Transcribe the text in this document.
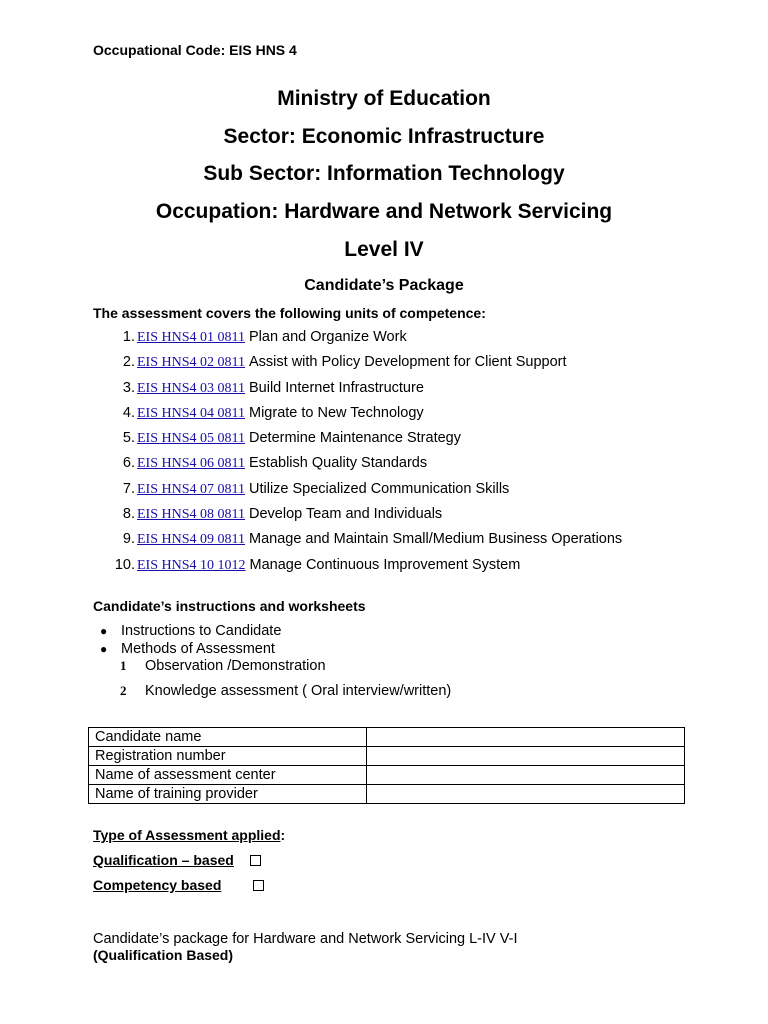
Occupational Code: EIS HNS 4
Ministry of Education
Sector: Economic Infrastructure
Sub Sector: Information Technology
Occupation: Hardware and Network Servicing
Level IV
Candidate’s Package
The assessment covers the following units of competence:
1. EIS HNS4 01 0811 Plan and Organize Work
2. EIS HNS4 02 0811 Assist with Policy Development for Client Support
3. EIS HNS4 03 0811 Build Internet Infrastructure
4. EIS HNS4 04 0811 Migrate to New Technology
5. EIS HNS4 05 0811 Determine Maintenance Strategy
6. EIS HNS4 06 0811 Establish Quality Standards
7. EIS HNS4 07 0811 Utilize Specialized Communication Skills
8. EIS HNS4 08 0811 Develop Team and Individuals
9. EIS HNS4 09 0811 Manage and Maintain Small/Medium Business Operations
10. EIS HNS4 10 1012 Manage Continuous Improvement System
Candidate’s instructions and worksheets
● Instructions to Candidate
● Methods of Assessment
1	Observation /Demonstration
2	Knowledge assessment ( Oral interview/written)
Candidate name	
Registration number	
Name of assessment center	
Name of training provider	
Type of Assessment applied:
Qualification – based
Competency based
Candidate’s package for Hardware and Network Servicing L-IV V-I
(Qualification Based)
